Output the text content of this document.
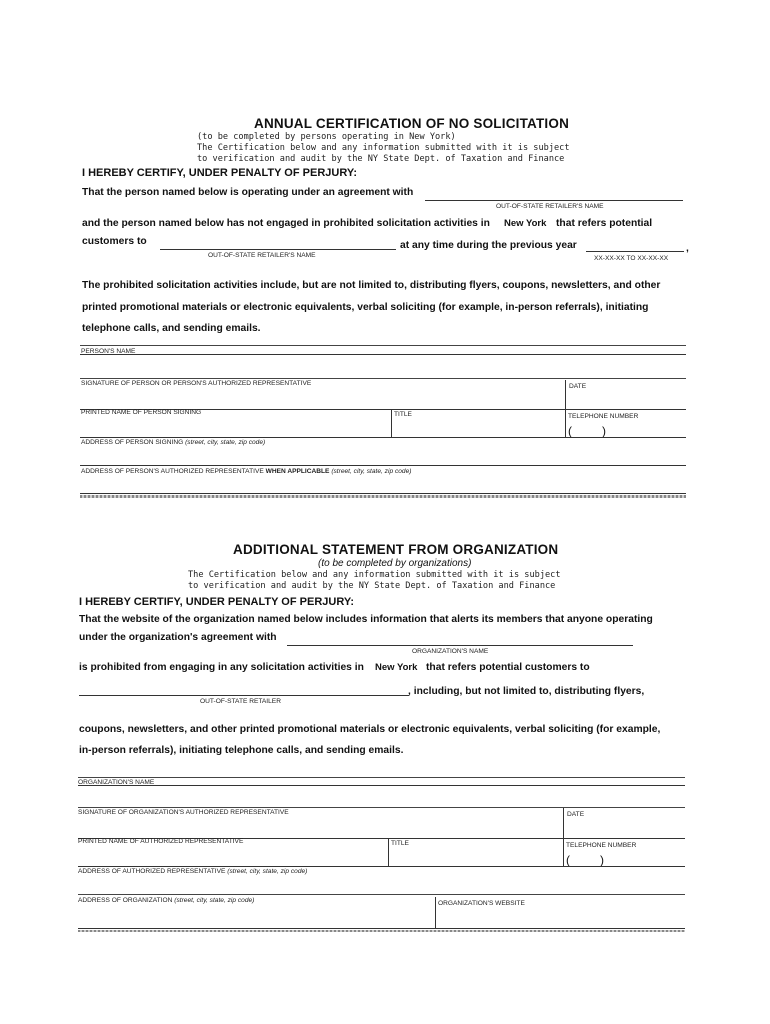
ANNUAL CERTIFICATION OF NO SOLICITATION
(to be completed by persons operating in New York)
The Certification below and any information submitted with it is subject
to verification and audit by the NY State Dept. of Taxation and Finance
I HEREBY CERTIFY, UNDER PENALTY OF PERJURY:
That the person named below is operating under an agreement with
OUT-OF-STATE RETAILER'S NAME
and the person named below has not engaged in prohibited solicitation activities in New York that refers potential
customers to	at any time during the previous year	,
OUT-OF-STATE RETAILER'S NAME	XX-XX-XX TO XX-XX-XX
The prohibited solicitation activities include, but are not limited to, distributing flyers, coupons, newsletters, and other
printed promotional materials or electronic equivalents, verbal soliciting (for example, in-person referrals), initiating
telephone calls, and sending emails.
PERSON'S NAME
SIGNATURE OF PERSON OR PERSON'S AUTHORIZED REPRESENTATIVE	DATE
PRINTED NAME OF PERSON SIGNING	TITLE	TELEPHONE NUMBER
(         )
ADDRESS OF PERSON SIGNING (street, city, state, zip code)
ADDRESS OF PERSON'S AUTHORIZED REPRESENTATIVE WHEN APPLICABLE (street, city, state, zip code)
ADDITIONAL STATEMENT FROM ORGANIZATION
(to be completed by organizations)
The Certification below and any information submitted with it is subject
to verification and audit by the NY State Dept. of Taxation and Finance
I HEREBY CERTIFY, UNDER PENALTY OF PERJURY:
That the website of the organization named below includes information that alerts its members that anyone operating
under the organization's agreement with
ORGANIZATION'S NAME
is prohibited from engaging in any solicitation activities in New York that refers potential customers to
, including, but not limited to, distributing flyers,
OUT-OF-STATE RETAILER
coupons, newsletters, and other printed promotional materials or electronic equivalents, verbal soliciting (for example,
in-person referrals), initiating telephone calls, and sending emails.
ORGANIZATION'S NAME
SIGNATURE OF ORGANIZATION'S AUTHORIZED REPRESENTATIVE	DATE
PRINTED NAME OF AUTHORIZED REPRESENTATIVE	TITLE	TELEPHONE NUMBER
(         )
ADDRESS OF AUTHORIZED REPRESENTATIVE (street, city, state, zip code)
ADDRESS OF ORGANIZATION (street, city, state, zip code)	ORGANIZATION'S WEBSITE
